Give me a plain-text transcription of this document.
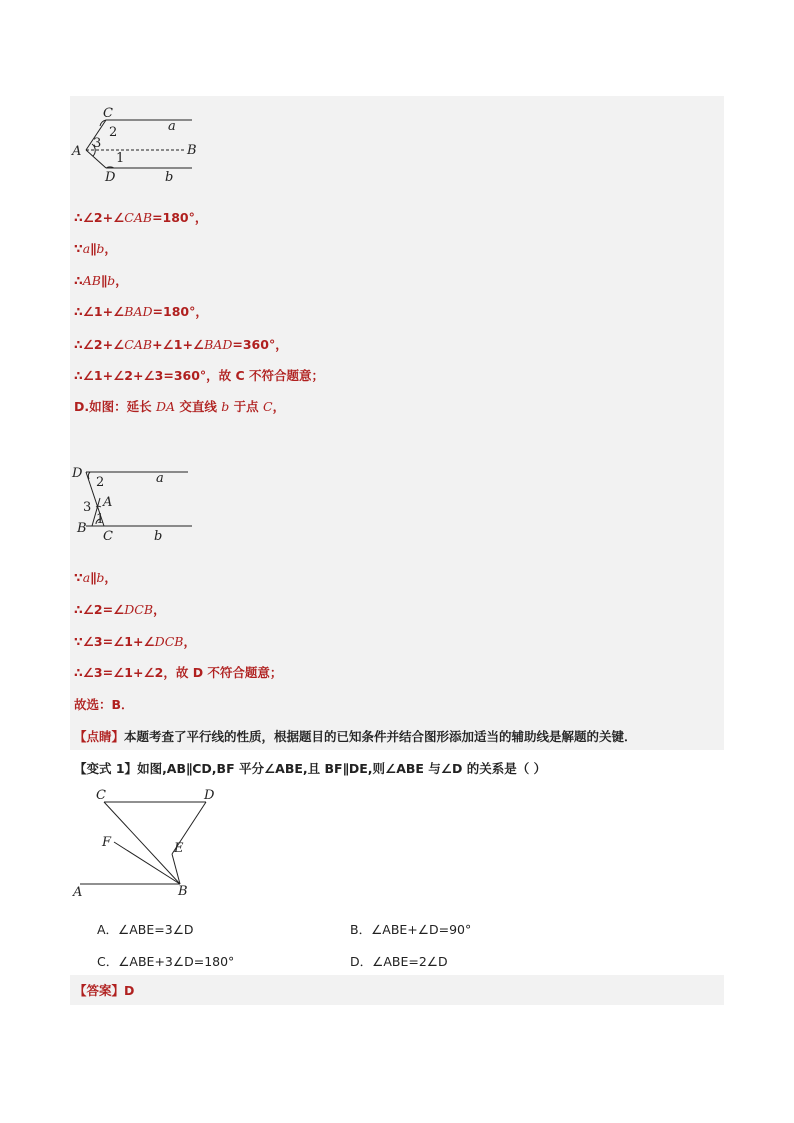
C
A	B
D
a
b
2
3
1
∴∠2+∠CAB=180°，
∵a∥b，
∴AB∥b，
∴∠1+∠BAD=180°，
∴∠2+∠CAB+∠1+∠BAD=360°，
∴∠1+∠2+∠3=360°，故 C 不符合题意；
D.如图：延长 DA 交直线 b 于点 C，
D
A
B
C
a
b
2
3
1
∵a∥b，
∴∠2=∠DCB，
∵∠3=∠1+∠DCB，
∴∠3=∠1+∠2，故 D 不符合题意；
故选：B．
【点睛】本题考查了平行线的性质，根据题目的已知条件并结合图形添加适当的辅助线是解题的关键．
【变式 1】如图,AB∥CD,BF 平分∠ABE,且 BF∥DE,则∠ABE 与∠D 的关系是（ ）
C	D
F	E
A	B
A．∠ABE=3∠D	B．∠ABE+∠D=90°
C．∠ABE+3∠D=180°	D．∠ABE=2∠D
【答案】D
